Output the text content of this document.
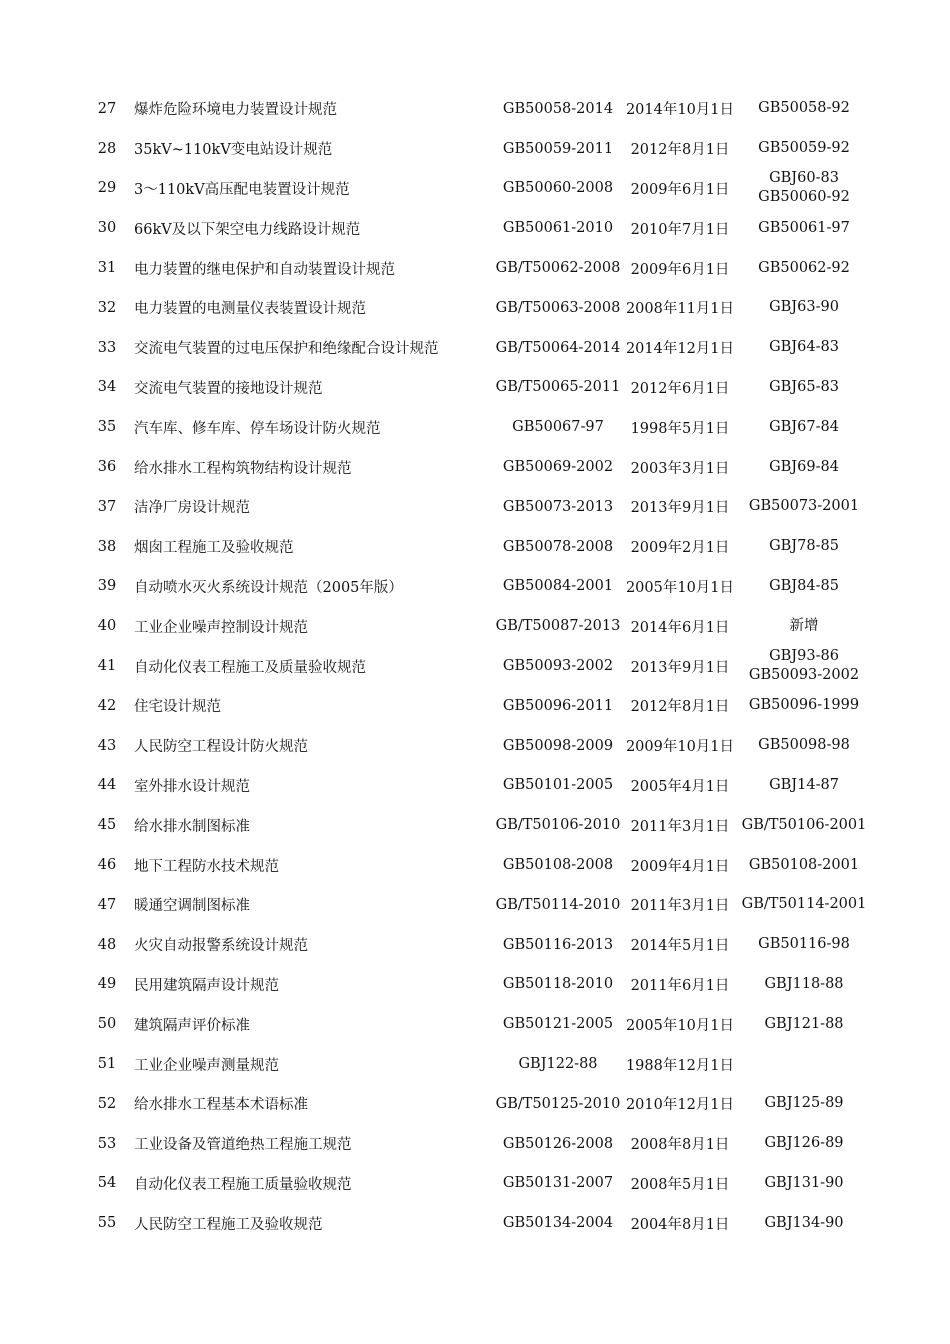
27 爆炸危险环境电力装置设计规范	GB50058-2014 2014年10月1日 GB50058-92
28 35kV~110kV变电站设计规范	GB50059-2011	2012年8月1日	GB50059-92
29 3～110kV高压配电装置设计规范	GB50060-2008	2009年6月1日
GBJ60-83
GB50060-92
30 66kV及以下架空电力线路设计规范	GB50061-2010	2010年7月1日	GB50061-97
31 电力装置的继电保护和自动装置设计规范	GB/T50062-2008 2009年6月1日	GB50062-92
32 电力装置的电测量仪表装置设计规范	GB/T50063-2008 2008年11月1日 GBJ63-90
33 交流电气装置的过电压保护和绝缘配合设计规范	GB/T50064-2014 2014年12月1日 GBJ64-83
34 交流电气装置的接地设计规范	GB/T50065-2011 2012年6月1日	GBJ65-83
35 汽车库、修车库、停车场设计防火规范	GB50067-97	1998年5月1日	GBJ67-84
36 给水排水工程构筑物结构设计规范	GB50069-2002	2003年3月1日	GBJ69-84
37 洁净厂房设计规范	GB50073-2013	2013年9月1日	GB50073-2001
38 烟囱工程施工及验收规范	GB50078-2008	2009年2月1日	GBJ78-85
39 自动喷水灭火系统设计规范（2005年版）	GB50084-2001 2005年10月1日 GBJ84-85
40 工业企业噪声控制设计规范	GB/T50087-2013 2014年6月1日	新增
41 自动化仪表工程施工及质量验收规范	GB50093-2002	2013年9月1日
GBJ93-86
GB50093-2002
42 住宅设计规范	GB50096-2011	2012年8月1日	GB50096-1999
43 人民防空工程设计防火规范	GB50098-2009 2009年10月1日 GB50098-98
44 室外排水设计规范	GB50101-2005	2005年4月1日	GBJ14-87
45 给水排水制图标准	GB/T50106-2010 2011年3月1日 GB/T50106-2001
46 地下工程防水技术规范	GB50108-2008	2009年4月1日	GB50108-2001
47 暖通空调制图标准	GB/T50114-2010 2011年3月1日 GB/T50114-2001
48 火灾自动报警系统设计规范	GB50116-2013	2014年5月1日	GB50116-98
49 民用建筑隔声设计规范	GB50118-2010	2011年6月1日	GBJ118-88
50 建筑隔声评价标准	GB50121-2005 2005年10月1日 GBJ121-88
51 工业企业噪声测量规范	GBJ122-88	1988年12月1日
52 给水排水工程基本术语标准	GB/T50125-2010 2010年12月1日 GBJ125-89
53 工业设备及管道绝热工程施工规范	GB50126-2008	2008年8月1日	GBJ126-89
54 自动化仪表工程施工质量验收规范	GB50131-2007	2008年5月1日	GBJ131-90
55 人民防空工程施工及验收规范	GB50134-2004	2004年8月1日	GBJ134-90
